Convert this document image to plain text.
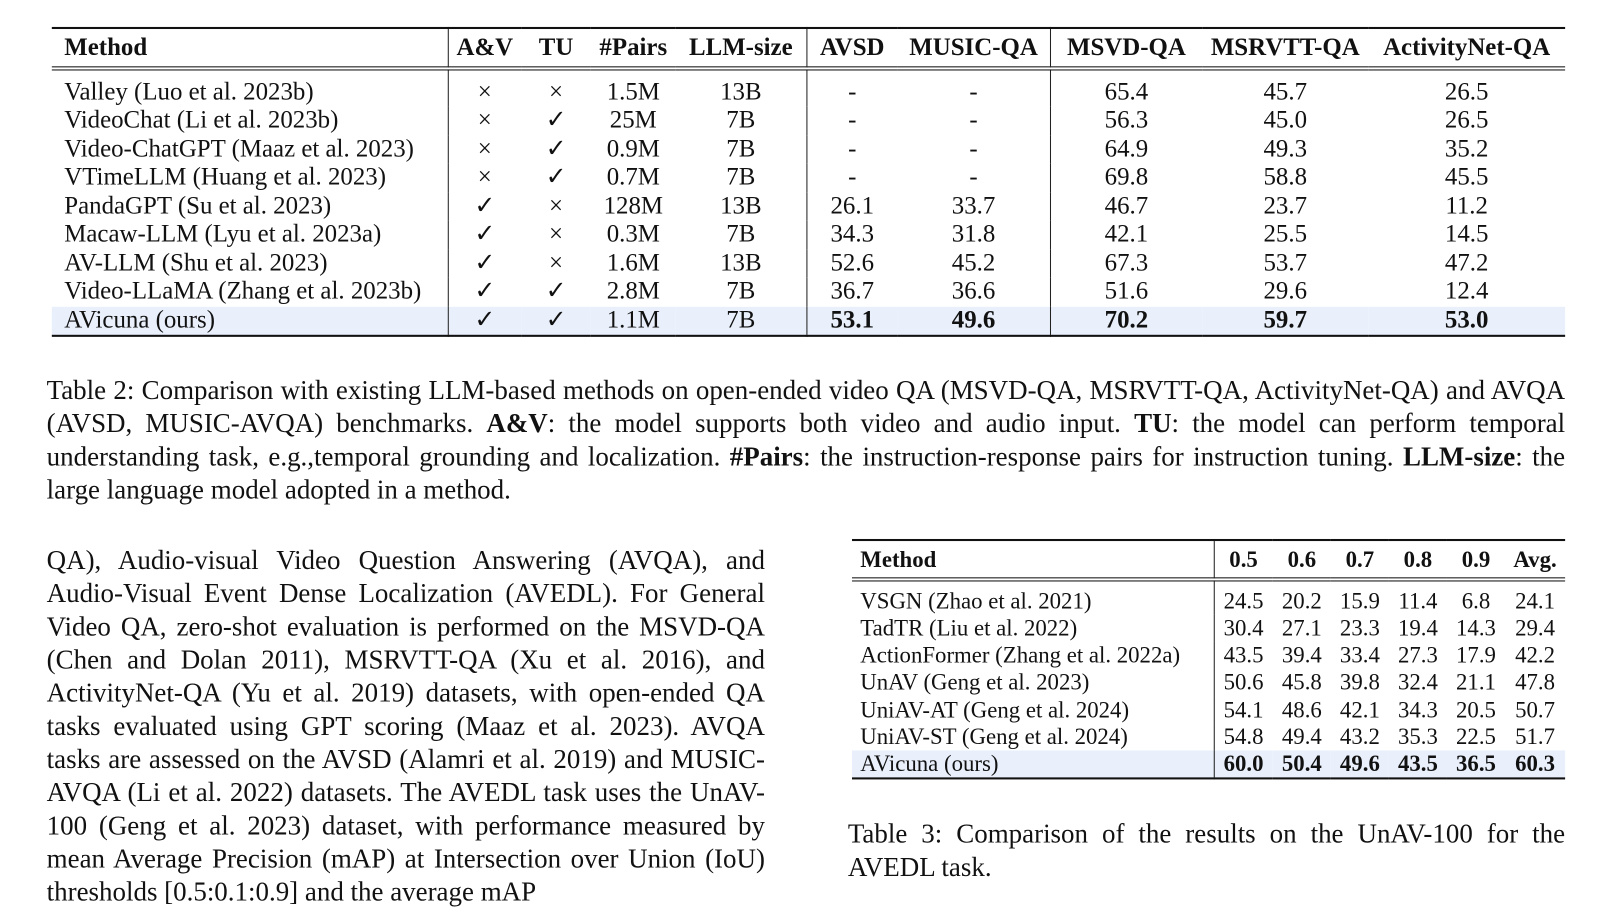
Method	A&V	TU	#Pairs	LLM-size	AVSD	MUSIC-QA	MSVD-QA	MSRVTT-QA	ActivityNet-QA
Valley (Luo et al. 2023b)	×	×	1.5M	13B	-	-	65.4	45.7	26.5
VideoChat (Li et al. 2023b)	×	✓	25M	7B	-	-	56.3	45.0	26.5
Video-ChatGPT (Maaz et al. 2023)	×	✓	0.9M	7B	-	-	64.9	49.3	35.2
VTimeLLM (Huang et al. 2023)	×	✓	0.7M	7B	-	-	69.8	58.8	45.5
PandaGPT (Su et al. 2023)	✓	×	128M	13B	26.1	33.7	46.7	23.7	11.2
Macaw-LLM (Lyu et al. 2023a)	✓	×	0.3M	7B	34.3	31.8	42.1	25.5	14.5
AV-LLM (Shu et al. 2023)	✓	×	1.6M	13B	52.6	45.2	67.3	53.7	47.2
Video-LLaMA (Zhang et al. 2023b)	✓	✓	2.8M	7B	36.7	36.6	51.6	29.6	12.4
AVicuna (ours)	✓	✓	1.1M	7B	53.1	49.6	70.2	59.7	53.0
Table 2: Comparison with existing LLM-based methods on open-ended video QA (MSVD-QA, MSRVTT-QA, ActivityNet-QA) and AVQA (AVSD, MUSIC-AVQA) benchmarks. A&V: the model supports both video and audio input. TU: the model can perform temporal understanding task, e.g.,temporal grounding and localization. #Pairs: the instruction-response pairs for instruction tuning. LLM-size: the large language model adopted in a method.
QA), Audio-visual Video Question Answering (AVQA), and Audio-Visual Event Dense Localization (AVEDL). For General Video QA, zero-shot evaluation is performed on the MSVD-QA (Chen and Dolan 2011), MSRVTT-QA (Xu et al. 2016), and ActivityNet-QA (Yu et al. 2019) datasets, with open-ended QA tasks evaluated using GPT scoring (Maaz et al. 2023). AVQA tasks are assessed on the AVSD (Alamri et al. 2019) and MUSIC-AVQA (Li et al. 2022) datasets. The AVEDL task uses the UnAV-100 (Geng et al. 2023) dataset, with performance measured by mean Average Precision (mAP) at Intersection over Union (IoU) thresholds [0.5:0.1:0.9] and the average mAP
Method	0.5	0.6	0.7	0.8	0.9	Avg.
VSGN (Zhao et al. 2021)	24.5	20.2	15.9	11.4	6.8	24.1
TadTR (Liu et al. 2022)	30.4	27.1	23.3	19.4	14.3	29.4
ActionFormer (Zhang et al. 2022a)	43.5	39.4	33.4	27.3	17.9	42.2
UnAV (Geng et al. 2023)	50.6	45.8	39.8	32.4	21.1	47.8
UniAV-AT (Geng et al. 2024)	54.1	48.6	42.1	34.3	20.5	50.7
UniAV-ST (Geng et al. 2024)	54.8	49.4	43.2	35.3	22.5	51.7
AVicuna (ours)	60.0	50.4	49.6	43.5	36.5	60.3
Table 3: Comparison of the results on the UnAV-100 for the AVEDL task.
